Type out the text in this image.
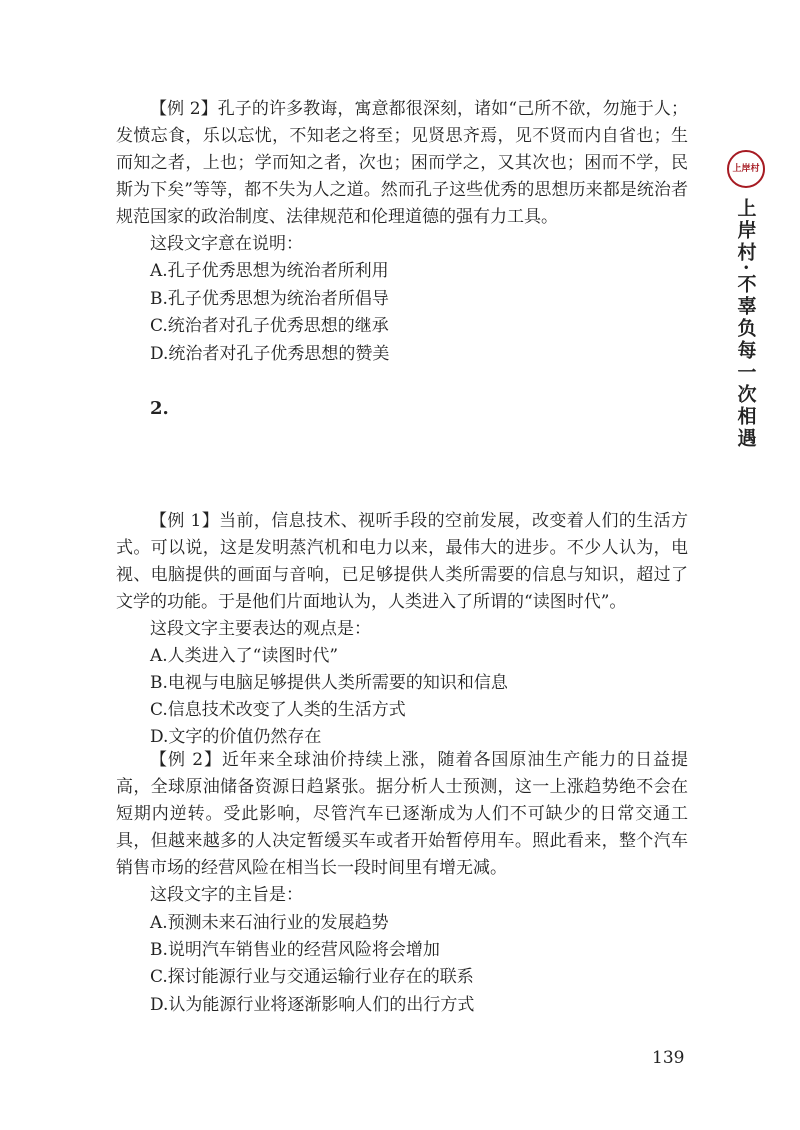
【例 2】孔子的许多教诲，寓意都很深刻，诸如“己所不欲，勿施于人；发愤忘食，乐以忘忧，不知老之将至；见贤思齐焉，见不贤而内自省也；生而知之者，上也；学而知之者，次也；困而学之，又其次也；困而不学，民斯为下矣”等等，都不失为人之道。然而孔子这些优秀的思想历来都是统治者规范国家的政治制度、法律规范和伦理道德的强有力工具。

这段文字意在说明：
A.孔子优秀思想为统治者所利用
B.孔子优秀思想为统治者所倡导
C.统治者对孔子优秀思想的继承
D.统治者对孔子优秀思想的赞美
2.

【例 1】当前，信息技术、视听手段的空前发展，改变着人们的生活方式。可以说，这是发明蒸汽机和电力以来，最伟大的进步。不少人认为，电视、电脑提供的画面与音响，已足够提供人类所需要的信息与知识，超过了文学的功能。于是他们片面地认为，人类进入了所谓的“读图时代”。

这段文字主要表达的观点是：
A.人类进入了“读图时代”
B.电视与电脑足够提供人类所需要的知识和信息
C.信息技术改变了人类的生活方式
D.文字的价值仍然存在

【例 2】近年来全球油价持续上涨，随着各国原油生产能力的日益提高，全球原油储备资源日趋紧张。据分析人士预测，这一上涨趋势绝不会在短期内逆转。受此影响，尽管汽车已逐渐成为人们不可缺少的日常交通工具，但越来越多的人决定暂缓买车或者开始暂停用车。照此看来，整个汽车销售市场的经营风险在相当长一段时间里有增无减。

这段文字的主旨是：
A.预测未来石油行业的发展趋势
B.说明汽车销售业的经营风险将会增加
C.探讨能源行业与交通运输行业存在的联系
D.认为能源行业将逐渐影响人们的出行方式
上岸村
上岸村·不辜负每一次相遇
139
